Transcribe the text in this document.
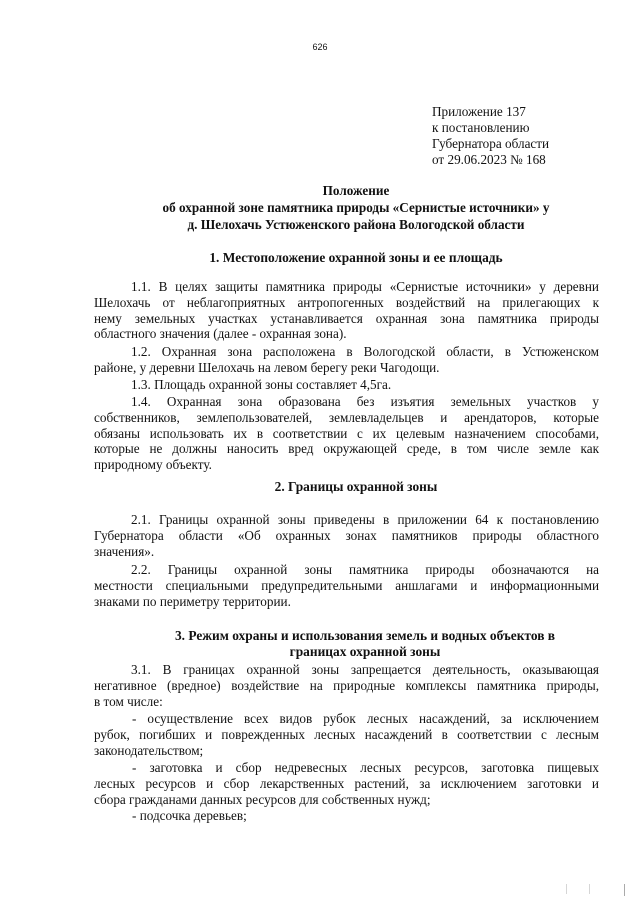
626
Приложение 137
к постановлению
Губернатора области
от 29.06.2023 № 168
Положение
об охранной зоне памятника природы «Сернистые источники» у
д. Шелохачь Устюженского района Вологодской области
1. Местоположение охранной зоны и ее площадь
1.1. В целях защиты памятника природы «Сернистые источники» у деревни
Шелохачь от неблагоприятных антропогенных воздействий на прилегающих к
нему земельных участках устанавливается охранная зона памятника природы
областного значения (далее - охранная зона).
1.2. Охранная зона расположена в Вологодской области, в Устюженском
районе, у деревни Шелохачь на левом берегу реки Чагодощи.
1.3. Площадь охранной зоны составляет 4,5га.
1.4. Охранная зона образована без изъятия земельных участков у
собственников, землепользователей, землевладельцев и арендаторов, которые
обязаны использовать их в соответствии с их целевым назначением способами,
которые не должны наносить вред окружающей среде, в том числе земле как
природному объекту.
2. Границы охранной зоны
2.1. Границы охранной зоны приведены в приложении 64 к постановлению
Губернатора области «Об охранных зонах памятников природы областного
значения».
2.2. Границы охранной зоны памятника природы обозначаются на
местности специальными предупредительными аншлагами и информационными
знаками по периметру территории.
3. Режим охраны и использования земель и водных объектов в
границах охранной зоны
3.1. В границах охранной зоны запрещается деятельность, оказывающая
негативное (вредное) воздействие на природные комплексы памятника природы,
в том числе:
- осуществление всех видов рубок лесных насаждений, за исключением
рубок, погибших и поврежденных лесных насаждений в соответствии с лесным
законодательством;
- заготовка и сбор недревесных лесных ресурсов, заготовка пищевых
лесных ресурсов и сбор лекарственных растений, за исключением заготовки и
сбора гражданами данных ресурсов для собственных нужд;
- подсочка деревьев;
